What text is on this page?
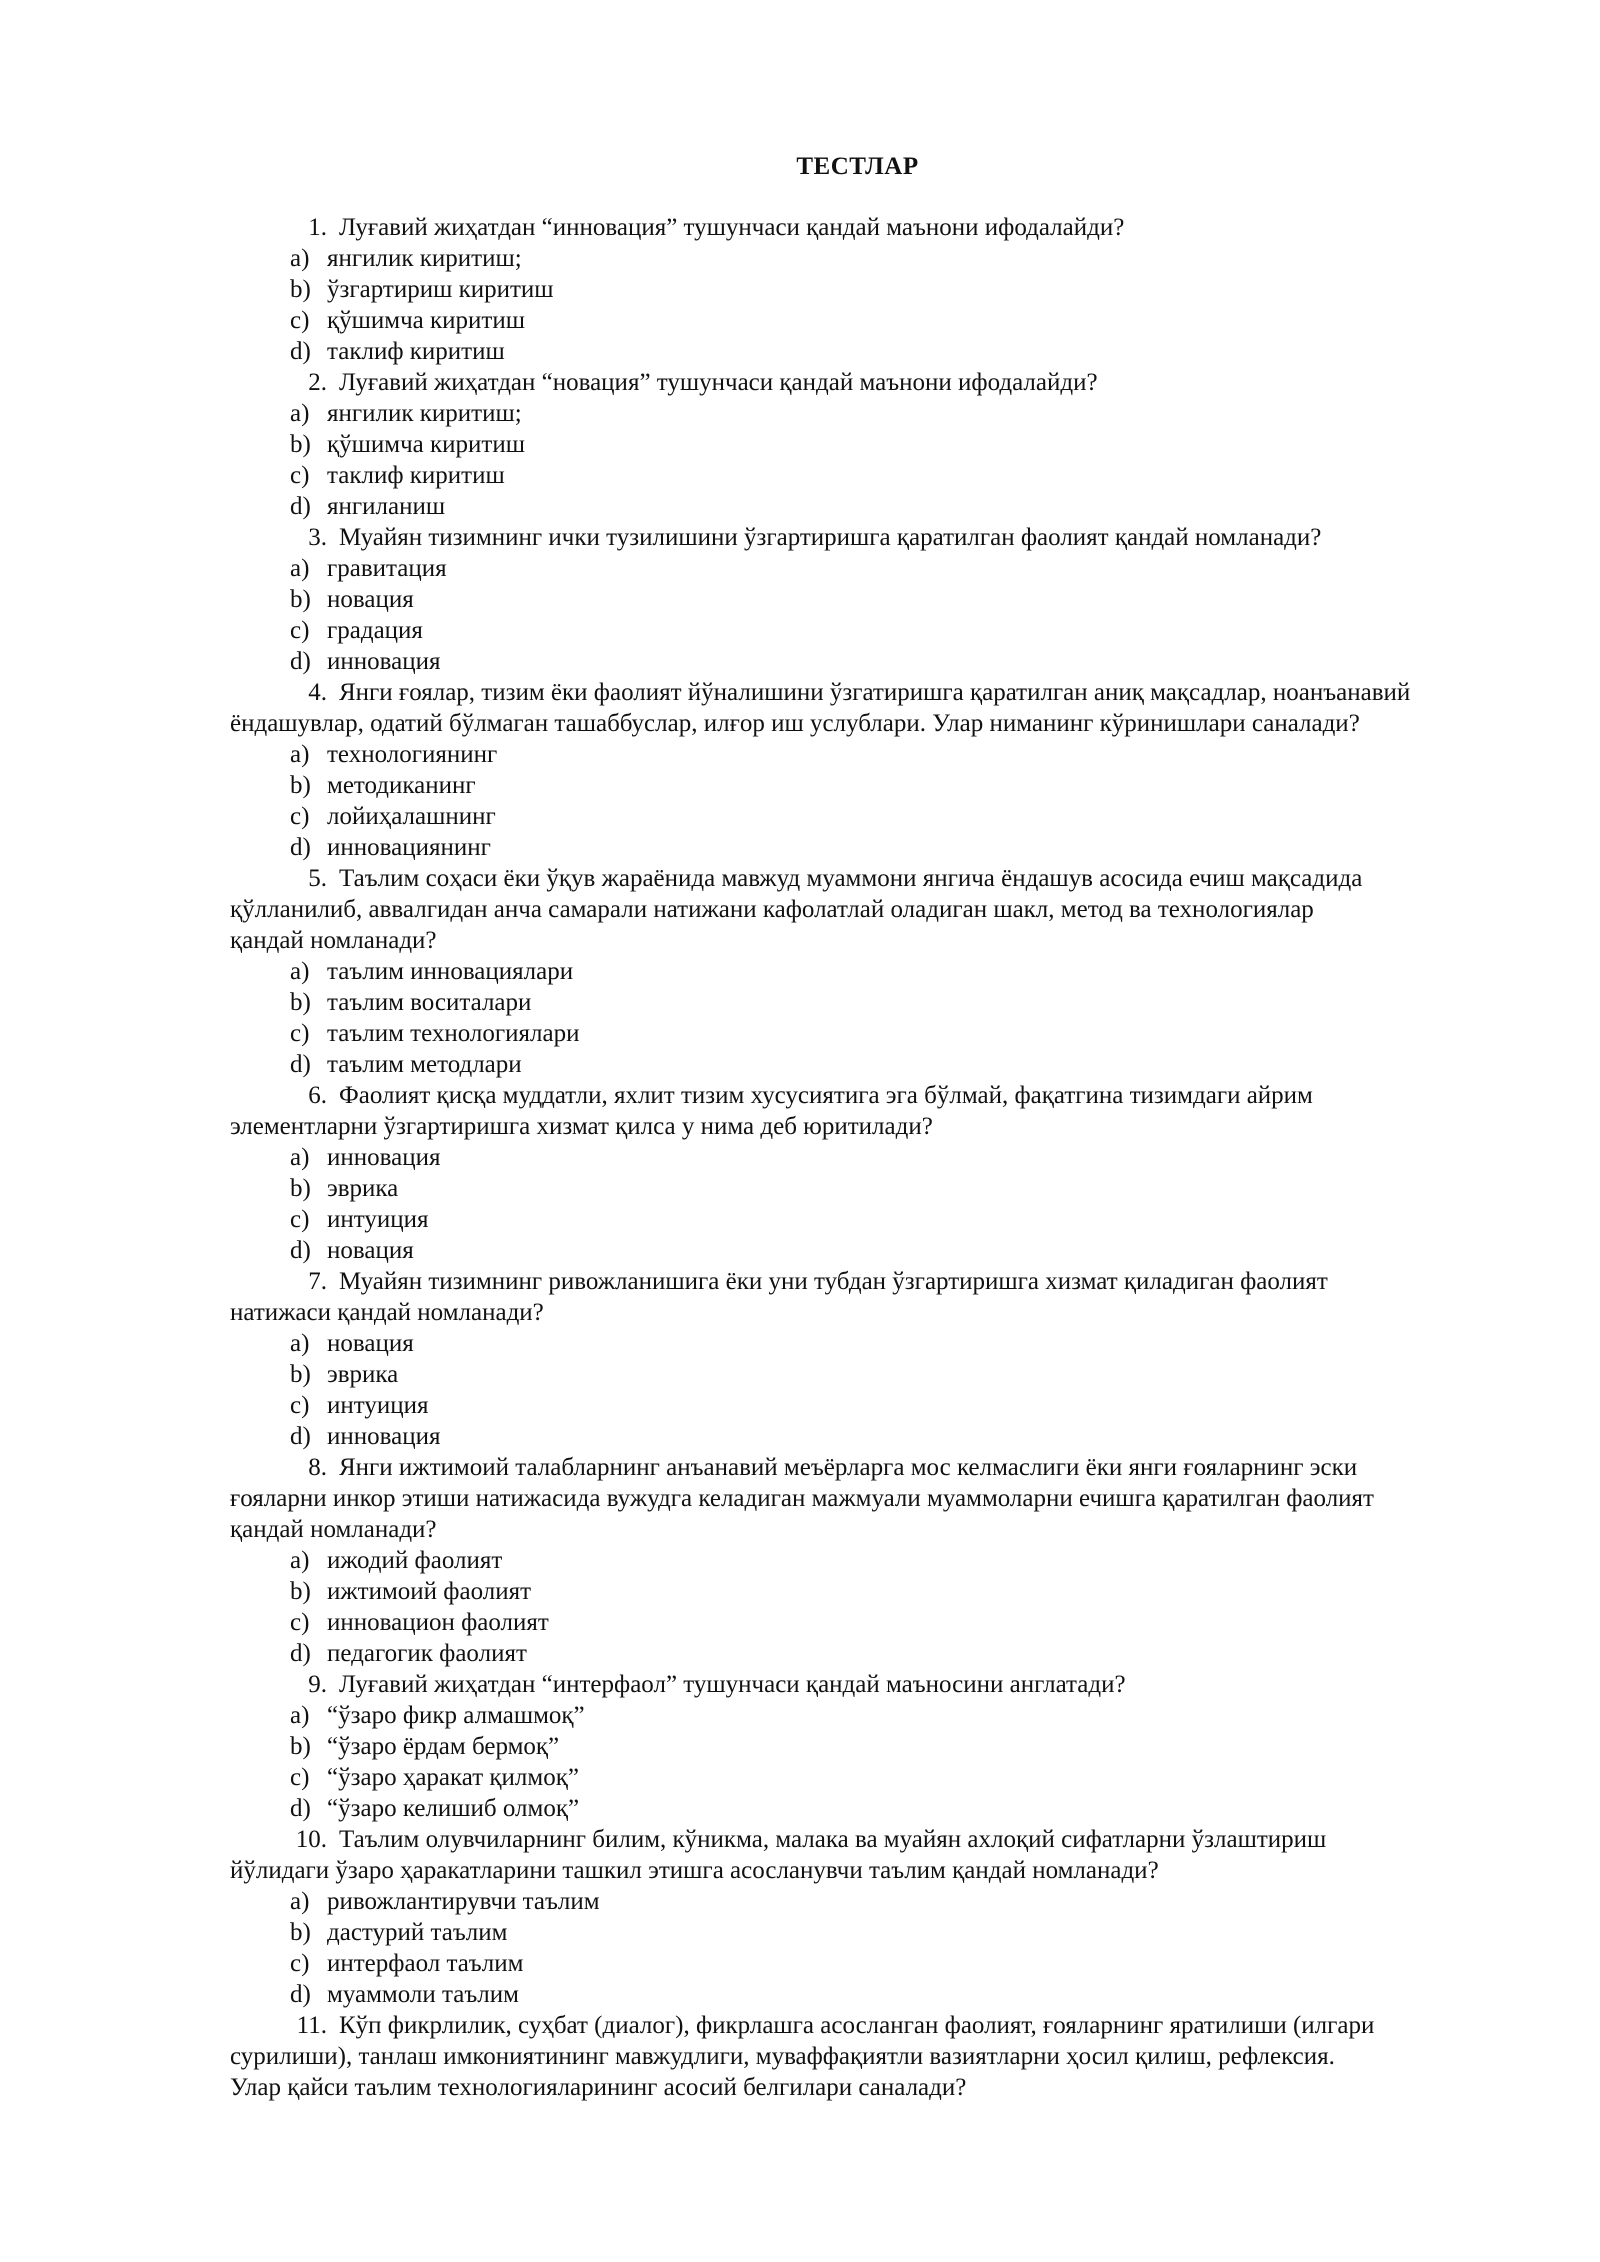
ТЕСТЛАР
1. Луғавий жиҳатдан “инновация” тушунчаси қандай маънони ифодалайди?
a) янгилик киритиш;
b) ўзгартириш киритиш
c) қўшимча киритиш
d) таклиф киритиш
2. Луғавий жиҳатдан “новация” тушунчаси қандай маънони ифодалайди?
a) янгилик киритиш;
b) қўшимча киритиш
c) таклиф киритиш
d) янгиланиш
3. Муайян тизимнинг ички тузилишини ўзгартиришга қаратилган фаолият қандай номланади?
a) гравитация
b) новация
c) градация
d) инновация
4. Янги ғоялар, тизим ёки фаолият йўналишини ўзгатиришга қаратилган аниқ мақсадлар, ноанъанавий
ёндашувлар, одатий бўлмаган ташаббуслар, илғор иш услублари. Улар ниманинг кўринишлари саналади?
a) технологиянинг
b) методиканинг
c) лойиҳалашнинг
d) инновациянинг
5. Таълим соҳаси ёки ўқув жараёнида мавжуд муаммони янгича ёндашув асосида ечиш мақсадида
қўлланилиб, аввалгидан анча самарали натижани кафолатлай оладиган шакл, метод ва технологиялар
қандай номланади?
a) таълим инновациялари
b) таълим воситалари
c) таълим технологиялари
d) таълим методлари
6. Фаолият қисқа муддатли, яхлит тизим хусусиятига эга бўлмай, фақатгина тизимдаги айрим
элементларни ўзгартиришга хизмат қилса у нима деб юритилади?
a) инновация
b) эврика
c) интуиция
d) новация
7. Муайян тизимнинг ривожланишига ёки уни тубдан ўзгартиришга хизмат қиладиган фаолият
натижаси қандай номланади?
a) новация
b) эврика
c) интуиция
d) инновация
8. Янги ижтимоий талабларнинг анъанавий меъёрларга мос келмаслиги ёки янги ғояларнинг эски
ғояларни инкор этиши натижасида вужудга келадиган мажмуали муаммоларни ечишга қаратилган фаолият
қандай номланади?
a) ижодий фаолият
b) ижтимоий фаолият
c) инновацион фаолият
d) педагогик фаолият
9. Луғавий жиҳатдан “интерфаол” тушунчаси қандай маъносини англатади?
a) “ўзаро фикр алмашмоқ”
b) “ўзаро ёрдам бермоқ”
c) “ўзаро ҳаракат қилмоқ”
d) “ўзаро келишиб олмоқ”
10. Таълим олувчиларнинг билим, кўникма, малака ва муайян ахлоқий сифатларни ўзлаштириш
йўлидаги ўзаро ҳаракатларини ташкил этишга асосланувчи таълим қандай номланади?
a) ривожлантирувчи таълим
b) дастурий таълим
c) интерфаол таълим
d) муаммоли таълим
11. Кўп фикрлилик, суҳбат (диалог), фикрлашга асосланган фаолият, ғояларнинг яратилиши (илгари
сурилиши), танлаш имкониятининг мавжудлиги, муваффақиятли вазиятларни ҳосил қилиш, рефлексия.
Улар қайси таълим технологияларининг асосий белгилари саналади?
